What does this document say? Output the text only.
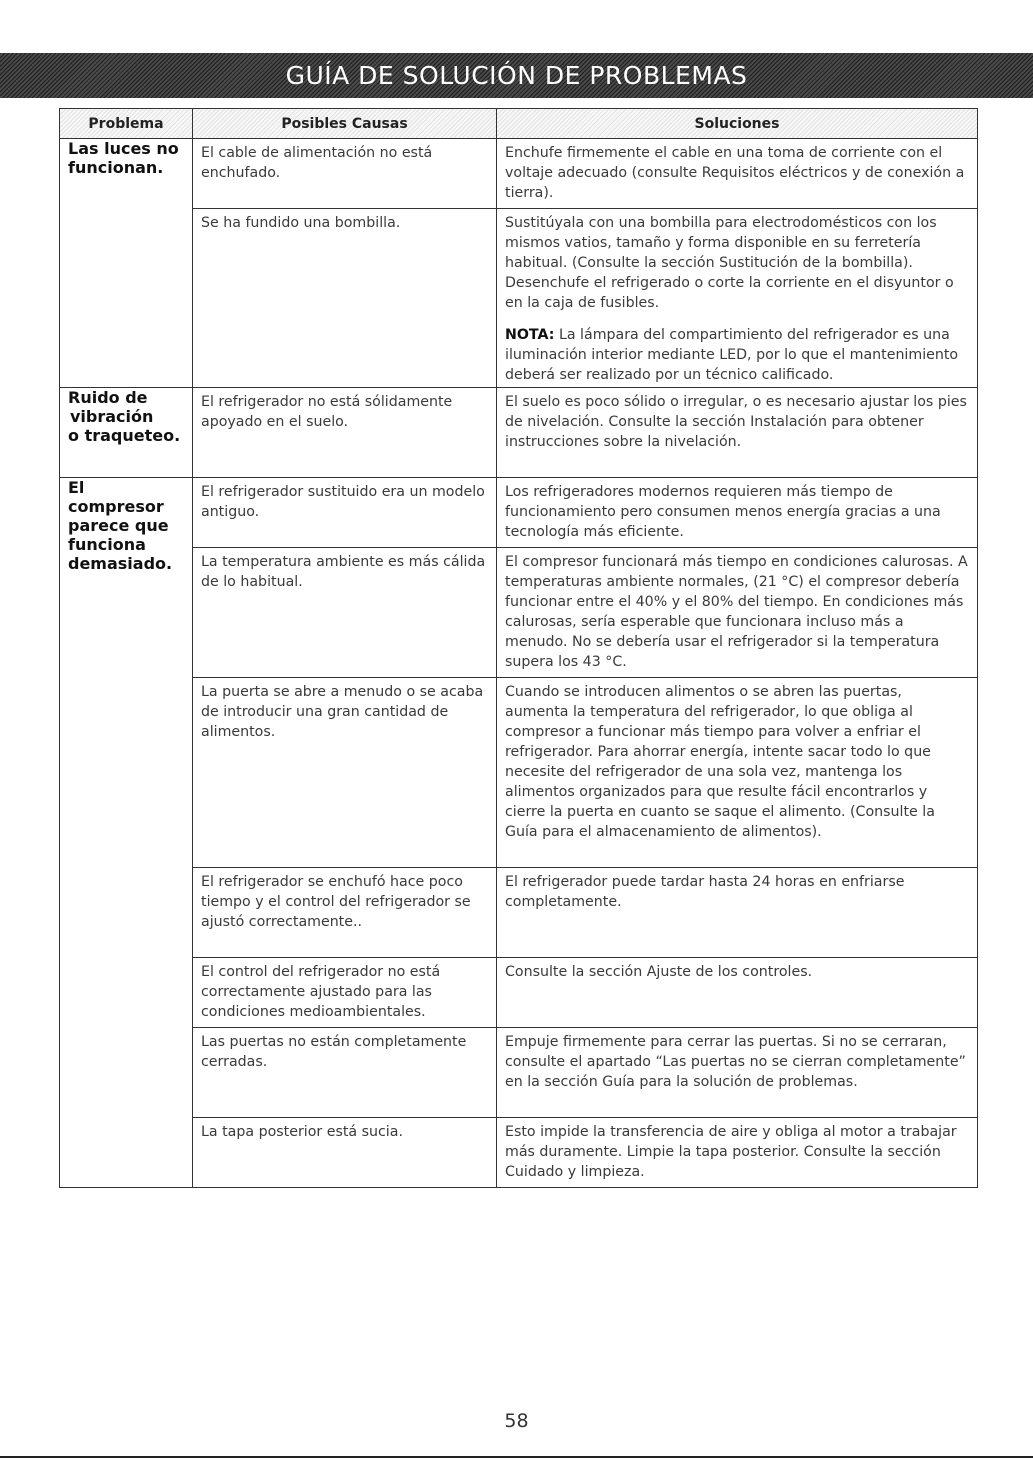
GUÍA DE SOLUCIÓN DE PROBLEMAS
Problema	Posibles Causas	Soluciones

Las luces no
funcionan.	El cable de alimentación no está enchufado.	Enchufe firmemente el cable en una toma de corriente con el voltaje adecuado (consulte Requisitos eléctricos y de conexión a tierra).
	Se ha fundido una bombilla.	Sustitúyala con una bombilla para electrodomésticos con los mismos vatios, tamaño y forma disponible en su ferretería habitual. (Consulte la sección Sustitución de la bombilla). Desenchufe el refrigerado o corte la corriente en el disyuntor o en la caja de fusibles.
NOTA: La lámpara del compartimiento del refrigerador es una iluminación interior mediante LED, por lo que el mantenimiento deberá ser realizado por un técnico calificado.

Ruido de
vibración
o traqueteo.	El refrigerador no está sólidamente apoyado en el suelo.	El suelo es poco sólido o irregular, o es necesario ajustar los pies de nivelación. Consulte la sección Instalación para obtener instrucciones sobre la nivelación.

El compresor
parece que
funciona
demasiado.	El refrigerador sustituido era un modelo antiguo.	Los refrigeradores modernos requieren más tiempo de funcionamiento pero consumen menos energía gracias a una tecnología más eficiente.
	La temperatura ambiente es más cálida de lo habitual.	El compresor funcionará más tiempo en condiciones calurosas. A temperaturas ambiente normales, (21 °C) el compresor debería funcionar entre el 40% y el 80% del tiempo. En condiciones más calurosas, sería esperable que funcionara incluso más a menudo. No se debería usar el refrigerador si la temperatura supera los 43 °C.
	La puerta se abre a menudo o se acaba de introducir una gran cantidad de alimentos.	Cuando se introducen alimentos o se abren las puertas, aumenta la temperatura del refrigerador, lo que obliga al compresor a funcionar más tiempo para volver a enfriar el refrigerador. Para ahorrar energía, intente sacar todo lo que necesite del refrigerador de una sola vez, mantenga los alimentos organizados para que resulte fácil encontrarlos y cierre la puerta en cuanto se saque el alimento. (Consulte la Guía para el almacenamiento de alimentos).
	El refrigerador se enchufó hace poco tiempo y el control del refrigerador se ajustó correctamente..	El refrigerador puede tardar hasta 24 horas en enfriarse completamente.
	El control del refrigerador no está correctamente ajustado para las condiciones medioambientales.	Consulte la sección Ajuste de los controles.
	Las puertas no están completamente cerradas.	Empuje firmemente para cerrar las puertas. Si no se cerraran, consulte el apartado “Las puertas no se cierran completamente” en la sección Guía para la solución de problemas.
	La tapa posterior está sucia.	Esto impide la transferencia de aire y obliga al motor a trabajar más duramente. Limpie la tapa posterior. Consulte la sección Cuidado y limpieza.
58
